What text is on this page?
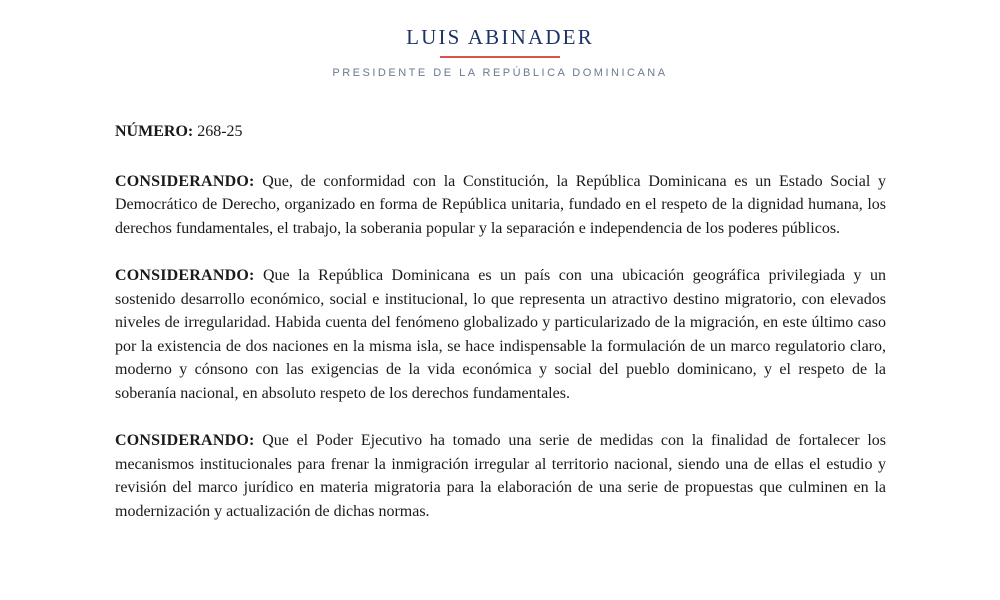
LUIS ABINADER
PRESIDENTE DE LA REPÚBLICA DOMINICANA
NÚMERO: 268-25

CONSIDERANDO: Que, de conformidad con la Constitución, la República Dominicana es un Estado Social y Democrático de Derecho, organizado en forma de República unitaria, fundado en el respeto de la dignidad humana, los derechos fundamentales, el trabajo, la soberania popular y la separación e independencia de los poderes públicos.

CONSIDERANDO: Que la República Dominicana es un país con una ubicación geográfica privilegiada y un sostenido desarrollo económico, social e institucional, lo que representa un atractivo destino migratorio, con elevados niveles de irregularidad. Habida cuenta del fenómeno globalizado y particularizado de la migración, en este último caso por la existencia de dos naciones en la misma isla, se hace indispensable la formulación de un marco regulatorio claro, moderno y cónsono con las exigencias de la vida económica y social del pueblo dominicano, y el respeto de la soberanía nacional, en absoluto respeto de los derechos fundamentales.

CONSIDERANDO: Que el Poder Ejecutivo ha tomado una serie de medidas con la finalidad de fortalecer los mecanismos institucionales para frenar la inmigración irregular al territorio nacional, siendo una de ellas el estudio y revisión del marco jurídico en materia migratoria para la elaboración de una serie de propuestas que culminen en la modernización y actualización de dichas normas.
